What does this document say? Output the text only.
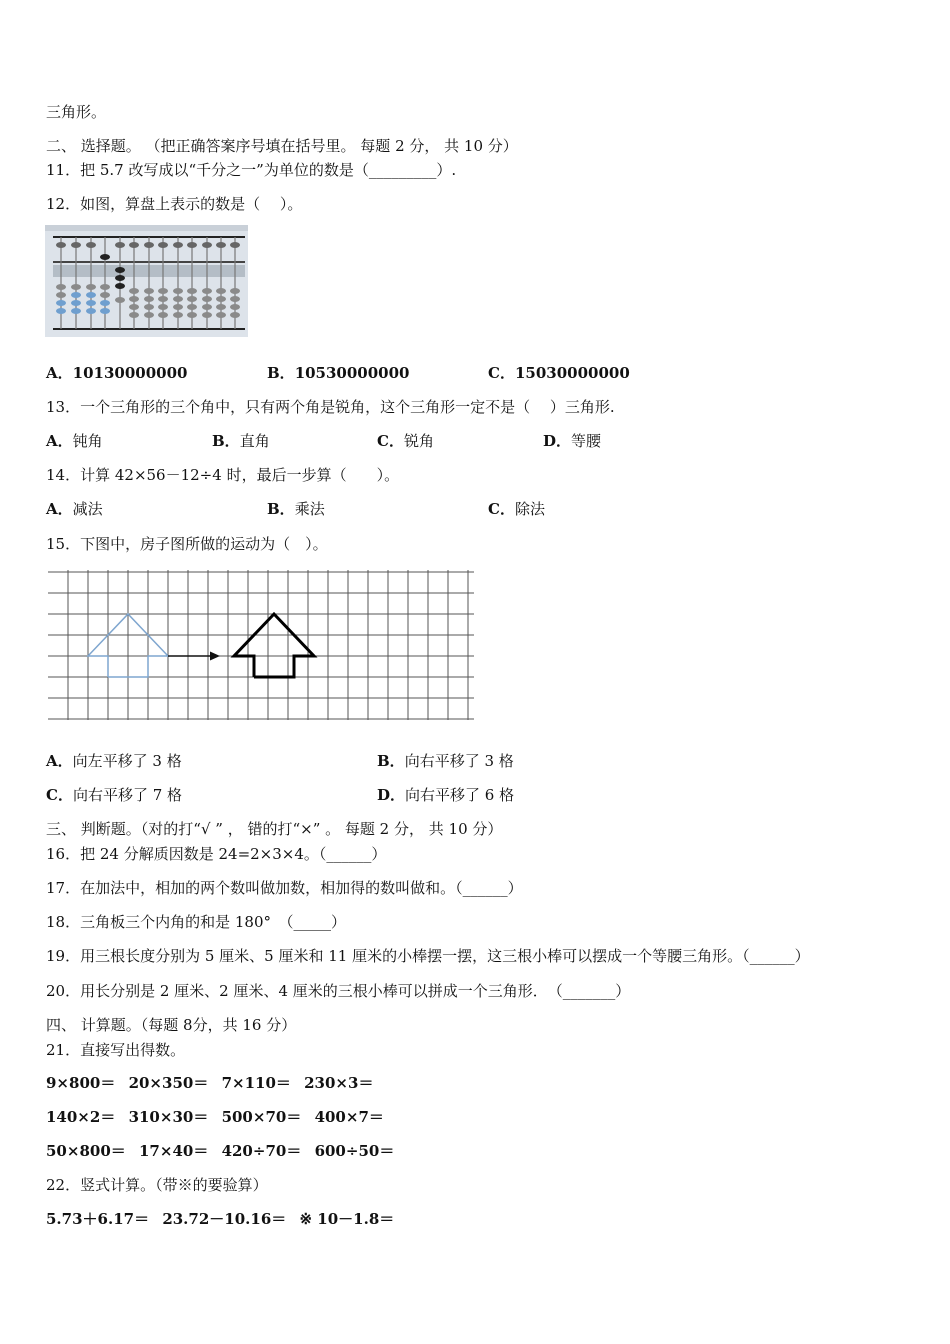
三角形。
二、 选择题。 （把正确答案序号填在括号里。 每题 2 分， 共 10 分）
11．把 5.7 改写成以“千分之一”为单位的数是（_________）.
12．如图，算盘上表示的数是（　 ）。
A．10130000000	B．10530000000	C．15030000000
13．一个三角形的三个角中，只有两个角是锐角，这个三角形一定不是（　 ）三角形.
A．钝角	B．直角	C．锐角	D．等腰
14．计算 42×56－12÷4 时，最后一步算（　　）。
A．减法	B．乘法	C．除法
15．下图中，房子图所做的运动为（　）。
A．向左平移了 3 格	B．向右平移了 3 格
C．向右平移了 7 格	D．向右平移了 6 格
三、 判断题。（对的打“√ ” ， 错的打“×” 。 每题 2 分， 共 10 分）
16．把 24 分解质因数是 24=2×3×4。（______）
17．在加法中，相加的两个数叫做加数，相加得的数叫做和。（______）
18．三角板三个内角的和是 180°　（_____）
19．用三根长度分别为 5 厘米、5 厘米和 11 厘米的小棒摆一摆，这三根小棒可以摆成一个等腰三角形。（______）
20．用长分别是 2 厘米、2 厘米、4 厘米的三根小棒可以拼成一个三角形．　（_______）
四、 计算题。（每题 8分，共 16 分）
21．直接写出得数。
9×800＝ 20×350＝ 7×110＝ 230×3＝
140×2＝ 310×30＝ 500×70＝ 400×7＝
50×800＝ 17×40＝ 420÷70＝ 600÷50＝
22．竖式计算。（带※的要验算）
5.73＋6.17＝ 23.72－10.16＝ ※ 10－1.8＝
